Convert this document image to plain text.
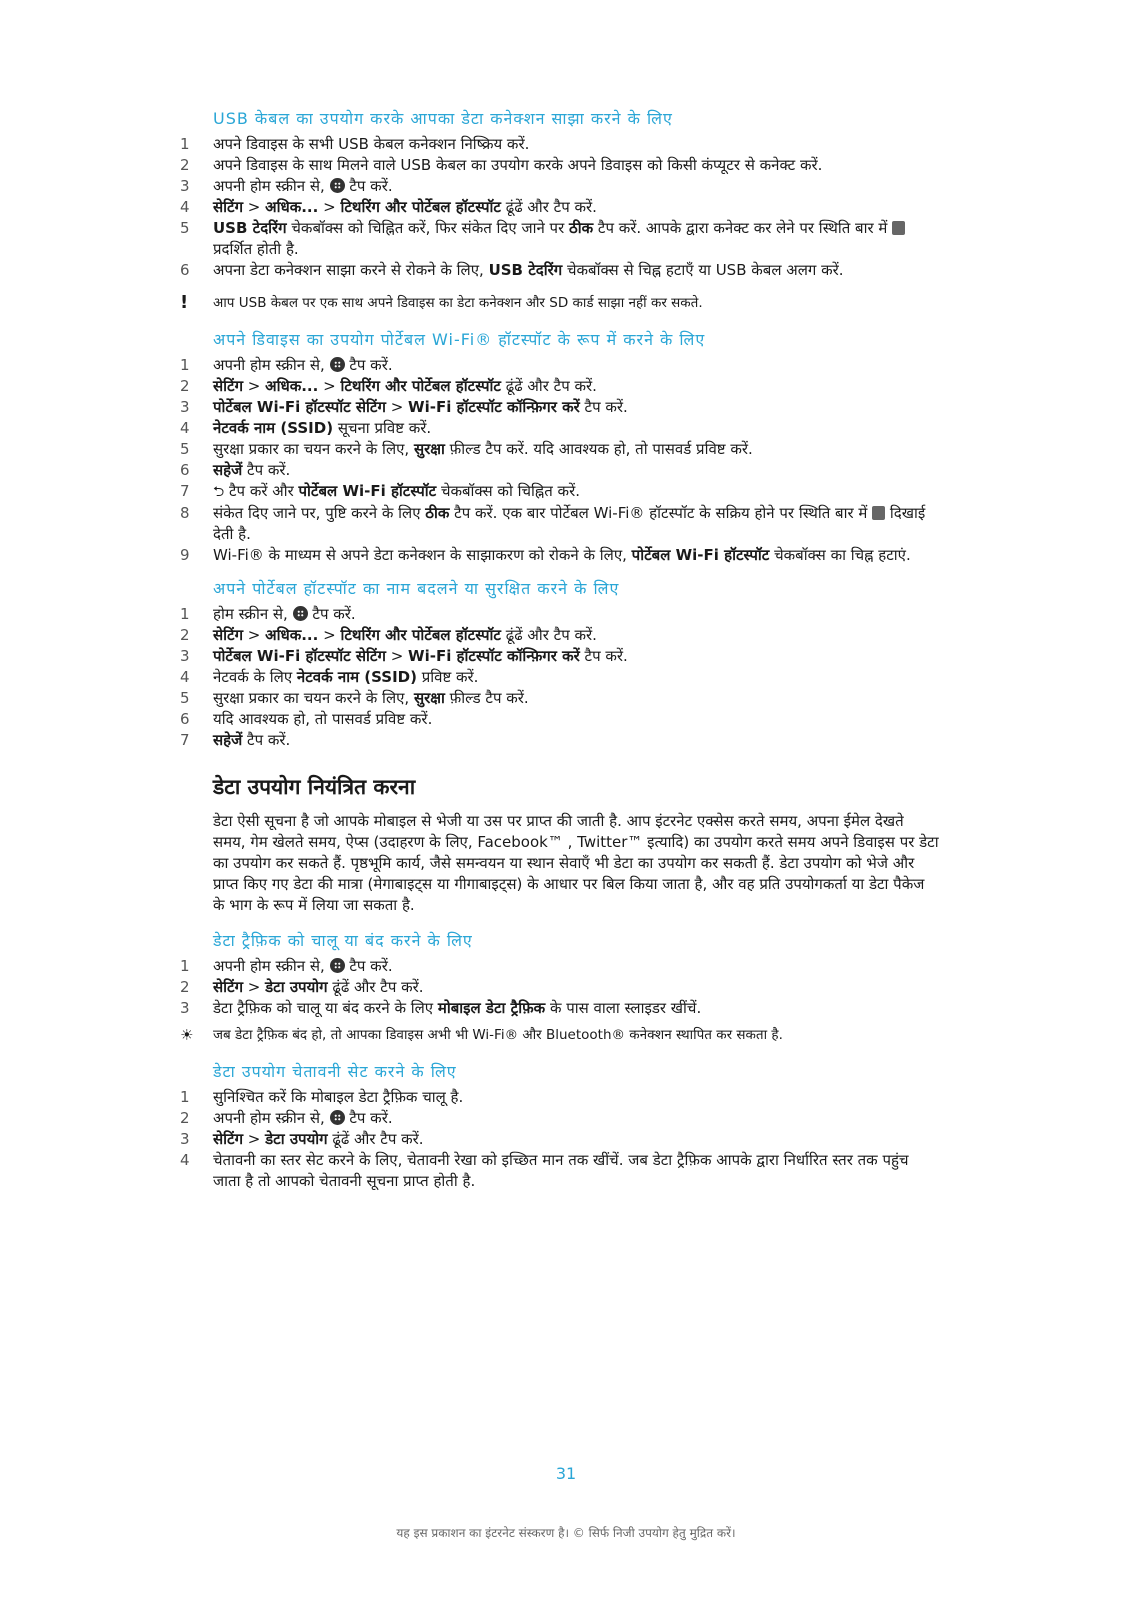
USB केबल का उपयोग करके आपका डेटा कनेक्शन साझा करने के लिए
1 अपने डिवाइस के सभी USB केबल कनेक्शन निष्क्रिय करें.
2 अपने डिवाइस के साथ मिलने वाले USB केबल का उपयोग करके अपने डिवाइस को किसी कंप्यूटर से कनेक्ट करें.
3 अपनी होम स्क्रीन से,  टैप करें.
4 सेटिंग > अधिक... > टिथरिंग और पोर्टेबल हॉटस्पॉट ढूंढें और टैप करें.
5 USB टेदरिंग चेकबॉक्स को चिह्नित करें, फिर संकेत दिए जाने पर ठीक टैप करें. आपके द्वारा कनेक्ट कर लेने पर स्थिति बार में  प्रदर्शित होती है.
6 अपना डेटा कनेक्शन साझा करने से रोकने के लिए, USB टेदरिंग चेकबॉक्स से चिह्न हटाएँ या USB केबल अलग करें.
! आप USB केबल पर एक साथ अपने डिवाइस का डेटा कनेक्शन और SD कार्ड साझा नहीं कर सकते.
अपने डिवाइस का उपयोग पोर्टेबल Wi-Fi® हॉटस्पॉट के रूप में करने के लिए
1 अपनी होम स्क्रीन से,  टैप करें.
2 सेटिंग > अधिक... > टिथरिंग और पोर्टेबल हॉटस्पॉट ढूंढें और टैप करें.
3 पोर्टेबल Wi-Fi हॉटस्पॉट सेटिंग > Wi-Fi हॉटस्पॉट कॉन्फ़िगर करें टैप करें.
4 नेटवर्क नाम (SSID) सूचना प्रविष्ट करें.
5 सुरक्षा प्रकार का चयन करने के लिए, सुरक्षा फ़ील्ड टैप करें. यदि आवश्यक हो, तो पासवर्ड प्रविष्ट करें.
6 सहेजें टैप करें.
7	⮌ टैप करें और पोर्टेबल Wi-Fi हॉटस्पॉट चेकबॉक्स को चिह्नित करें.
8 संकेत दिए जाने पर, पुष्टि करने के लिए ठीक टैप करें. एक बार पोर्टेबल Wi-Fi® हॉटस्पॉट के सक्रिय होने पर स्थिति बार में  दिखाई देती है.
9 Wi-Fi® के माध्यम से अपने डेटा कनेक्शन के साझाकरण को रोकने के लिए, पोर्टेबल Wi-Fi हॉटस्पॉट चेकबॉक्स का चिह्न हटाएं.
अपने पोर्टेबल हॉटस्पॉट का नाम बदलने या सुरक्षित करने के लिए
1 होम स्क्रीन से,  टैप करें.
2 सेटिंग > अधिक... > टिथरिंग और पोर्टेबल हॉटस्पॉट ढूंढें और टैप करें.
3 पोर्टेबल Wi-Fi हॉटस्पॉट सेटिंग > Wi-Fi हॉटस्पॉट कॉन्फ़िगर करें टैप करें.
4 नेटवर्क के लिए नेटवर्क नाम (SSID) प्रविष्ट करें.
5 सुरक्षा प्रकार का चयन करने के लिए, सुरक्षा फ़ील्ड टैप करें.
6 यदि आवश्यक हो, तो पासवर्ड प्रविष्ट करें.
7 सहेजें टैप करें.
डेटा उपयोग नियंत्रित करना
डेटा ऐसी सूचना है जो आपके मोबाइल से भेजी या उस पर प्राप्त की जाती है. आप इंटरनेट एक्सेस करते समय, अपना ईमेल देखते समय, गेम खेलते समय, ऐप्स (उदाहरण के लिए, Facebook™ , Twitter™ इत्यादि) का उपयोग करते समय अपने डिवाइस पर डेटा का उपयोग कर सकते हैं. पृष्ठभूमि कार्य, जैसे समन्वयन या स्थान सेवाएँ भी डेटा का उपयोग कर सकती हैं. डेटा उपयोग को भेजे और प्राप्त किए गए डेटा की मात्रा (मेगाबाइट्स या गीगाबाइट्स) के आधार पर बिल किया जाता है, और वह प्रति उपयोगकर्ता या डेटा पैकेज के भाग के रूप में लिया जा सकता है.
डेटा ट्रैफ़िक को चालू या बंद करने के लिए
1 अपनी होम स्क्रीन से,  टैप करें.
2 सेटिंग > डेटा उपयोग ढूंढें और टैप करें.
3 डेटा ट्रैफ़िक को चालू या बंद करने के लिए मोबाइल डेटा ट्रैफ़िक के पास वाला स्लाइडर खींचें.
☀ जब डेटा ट्रैफ़िक बंद हो, तो आपका डिवाइस अभी भी Wi-Fi® और Bluetooth® कनेक्शन स्थापित कर सकता है.
डेटा उपयोग चेतावनी सेट करने के लिए
1 सुनिश्चित करें कि मोबाइल डेटा ट्रैफ़िक चालू है.
2 अपनी होम स्क्रीन से,  टैप करें.
3 सेटिंग > डेटा उपयोग ढूंढें और टैप करें.
4 चेतावनी का स्तर सेट करने के लिए, चेतावनी रेखा को इच्छित मान तक खींचें. जब डेटा ट्रैफ़िक आपके द्वारा निर्धारित स्तर तक पहुंच जाता है तो आपको चेतावनी सूचना प्राप्त होती है.
31
यह इस प्रकाशन का इंटरनेट संस्करण है। © सिर्फ निजी उपयोग हेतु मुद्रित करें।
